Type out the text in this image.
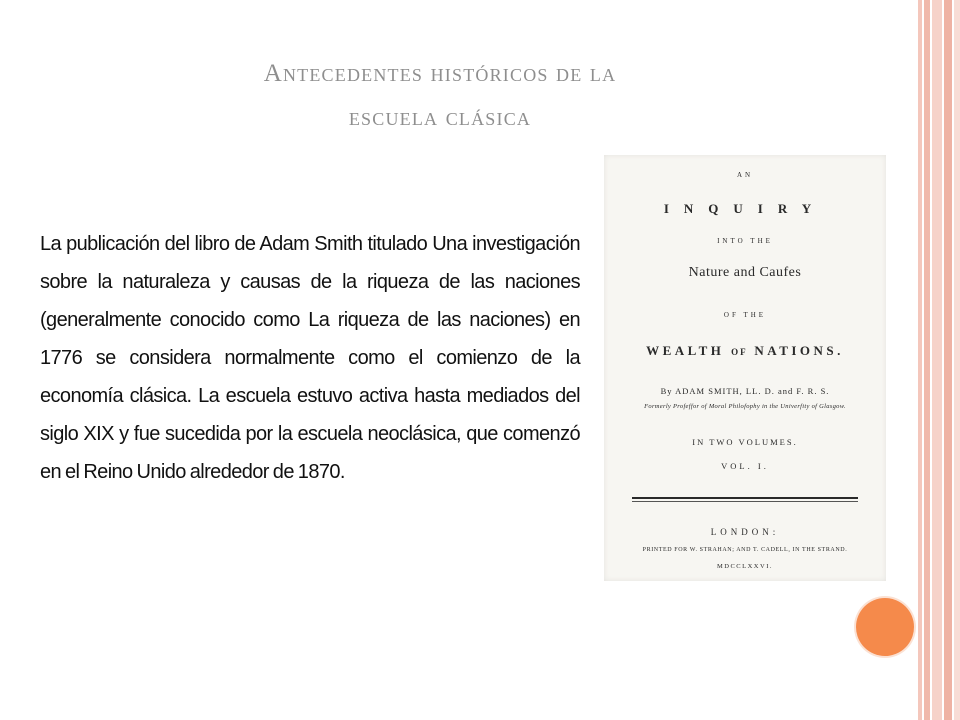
Antecedentes históricos de la
escuela clásica
La publicación del libro de Adam Smith titulado Una investigación sobre la naturaleza y causas de la riqueza de las naciones (generalmente conocido como La riqueza de las naciones) en 1776 se considera normalmente como el comienzo de la economía clásica. La escuela estuvo activa hasta mediados del siglo XIX y fue sucedida por la escuela neoclásica, que comenzó en el Reino Unido alrededor de 1870.
AN
INQUIRY
INTO THE
Nature and Caufes
OF THE
WEALTH OF NATIONS.
By ADAM SMITH, LL. D. and F. R. S.
Formerly Profeffor of Moral Philofophy in the Univerfity of Glasgow.
IN TWO VOLUMES.
VOL. I.
LONDON:
PRINTED FOR W. STRAHAN; AND T. CADELL, IN THE STRAND.
MDCCLXXVI.
